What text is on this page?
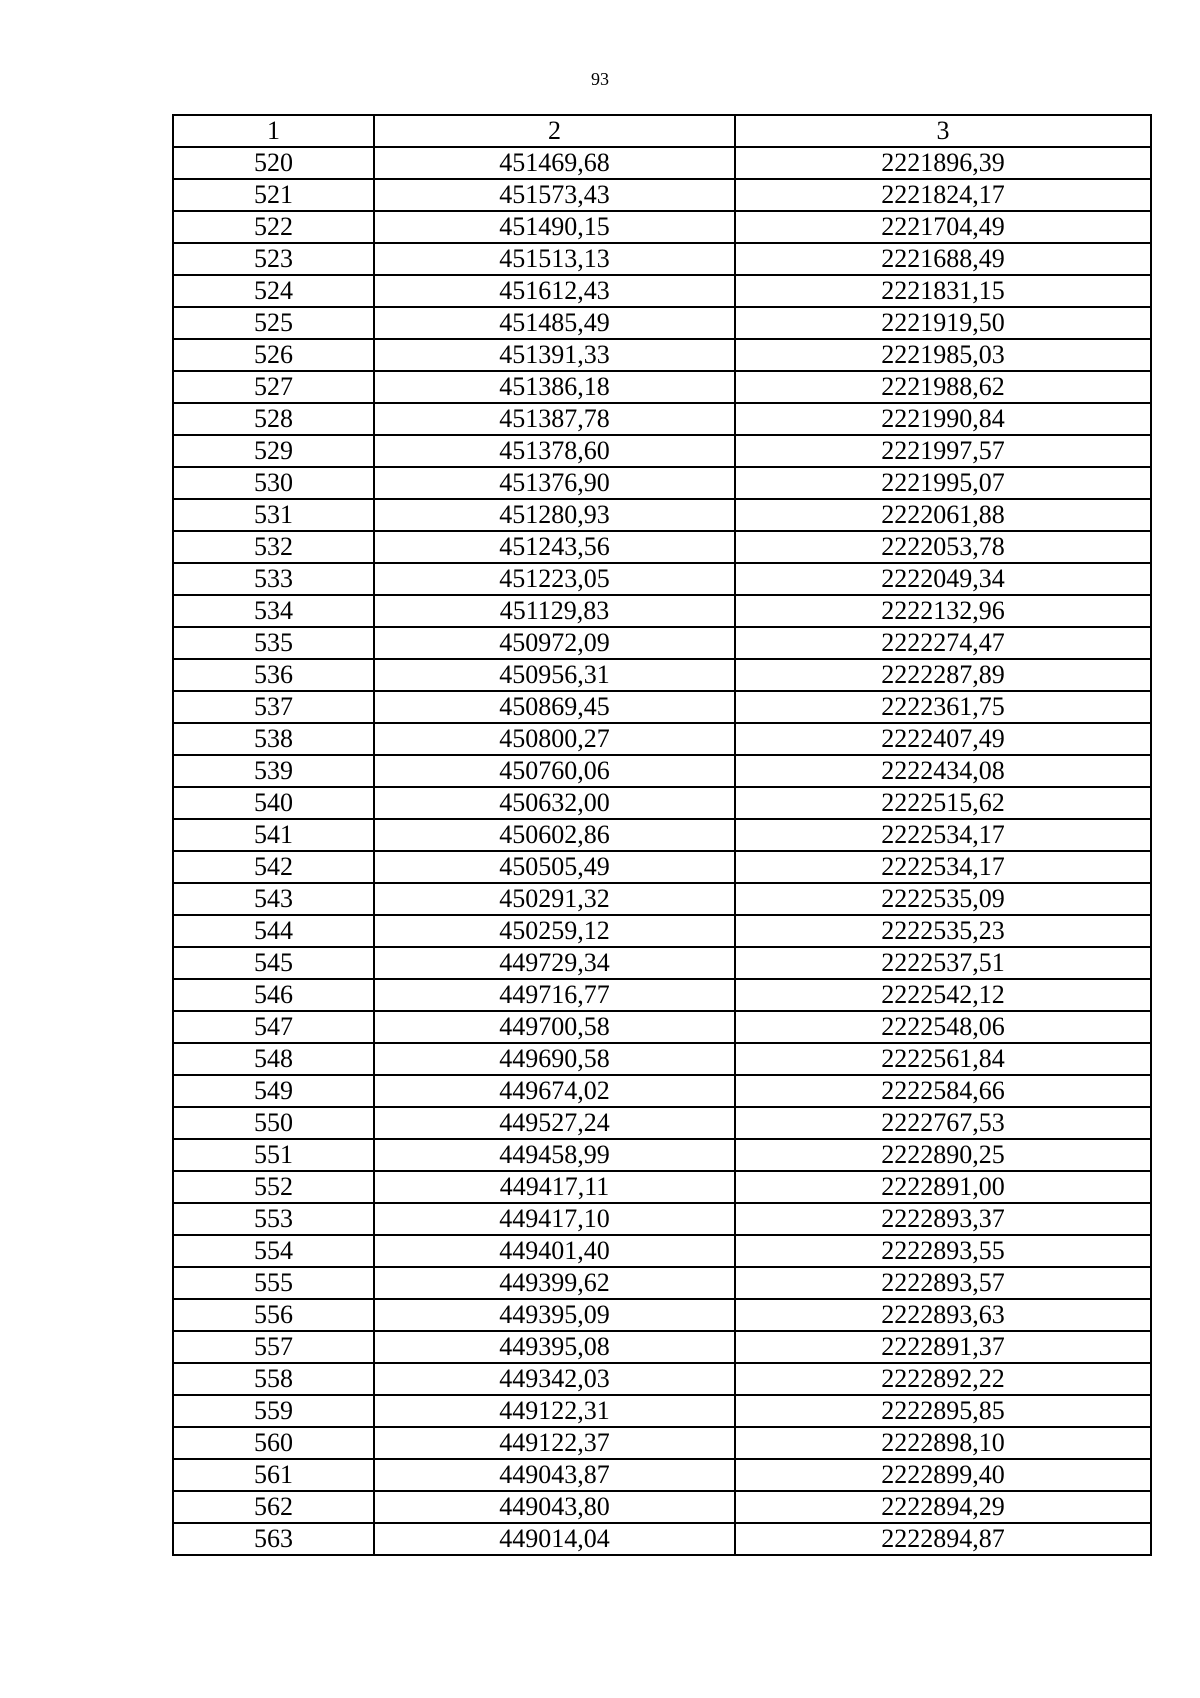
93
1	2	3
520	451469,68	2221896,39
521	451573,43	2221824,17
522	451490,15	2221704,49
523	451513,13	2221688,49
524	451612,43	2221831,15
525	451485,49	2221919,50
526	451391,33	2221985,03
527	451386,18	2221988,62
528	451387,78	2221990,84
529	451378,60	2221997,57
530	451376,90	2221995,07
531	451280,93	2222061,88
532	451243,56	2222053,78
533	451223,05	2222049,34
534	451129,83	2222132,96
535	450972,09	2222274,47
536	450956,31	2222287,89
537	450869,45	2222361,75
538	450800,27	2222407,49
539	450760,06	2222434,08
540	450632,00	2222515,62
541	450602,86	2222534,17
542	450505,49	2222534,17
543	450291,32	2222535,09
544	450259,12	2222535,23
545	449729,34	2222537,51
546	449716,77	2222542,12
547	449700,58	2222548,06
548	449690,58	2222561,84
549	449674,02	2222584,66
550	449527,24	2222767,53
551	449458,99	2222890,25
552	449417,11	2222891,00
553	449417,10	2222893,37
554	449401,40	2222893,55
555	449399,62	2222893,57
556	449395,09	2222893,63
557	449395,08	2222891,37
558	449342,03	2222892,22
559	449122,31	2222895,85
560	449122,37	2222898,10
561	449043,87	2222899,40
562	449043,80	2222894,29
563	449014,04	2222894,87
